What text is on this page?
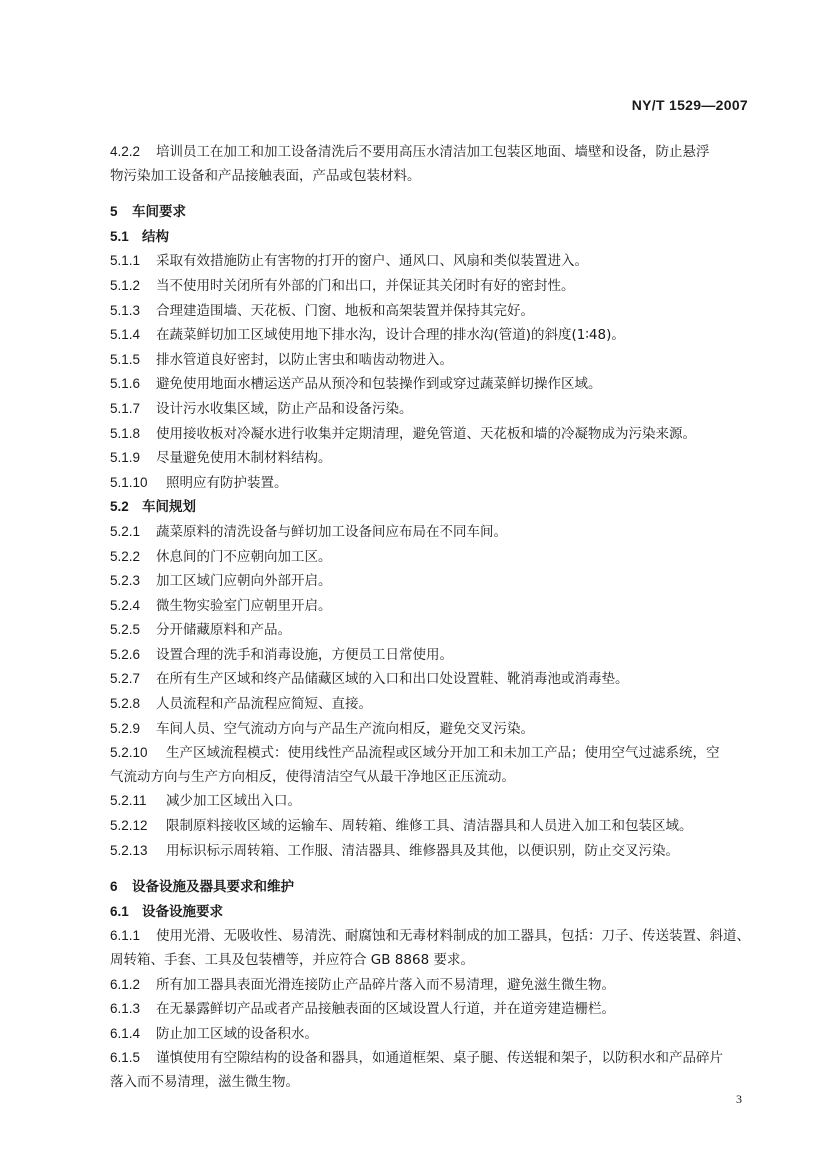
NY/T 1529—2007
4.2.2 培训员工在加工和加工设备清洗后不要用高压水清洁加工包装区地面、墙壁和设备，防止悬浮
物污染加工设备和产品接触表面，产品或包装材料。
5 车间要求
5.1 结构
5.1.1 采取有效措施防止有害物的打开的窗户、通风口、风扇和类似装置进入。
5.1.2 当不使用时关闭所有外部的门和出口，并保证其关闭时有好的密封性。
5.1.3 合理建造围墙、天花板、门窗、地板和高架装置并保持其完好。
5.1.4 在蔬菜鲜切加工区域使用地下排水沟，设计合理的排水沟(管道)的斜度(1∶48)。
5.1.5 排水管道良好密封，以防止害虫和啮齿动物进入。
5.1.6 避免使用地面水槽运送产品从预冷和包装操作到或穿过蔬菜鲜切操作区域。
5.1.7 设计污水收集区域，防止产品和设备污染。
5.1.8 使用接收板对冷凝水进行收集并定期清理，避免管道、天花板和墙的冷凝物成为污染来源。
5.1.9 尽量避免使用木制材料结构。
5.1.10 照明应有防护装置。
5.2 车间规划
5.2.1 蔬菜原料的清洗设备与鲜切加工设备间应布局在不同车间。
5.2.2 休息间的门不应朝向加工区。
5.2.3 加工区域门应朝向外部开启。
5.2.4 微生物实验室门应朝里开启。
5.2.5 分开储藏原料和产品。
5.2.6 设置合理的洗手和消毒设施，方便员工日常使用。
5.2.7 在所有生产区域和终产品储藏区域的入口和出口处设置鞋、靴消毒池或消毒垫。
5.2.8 人员流程和产品流程应简短、直接。
5.2.9 车间人员、空气流动方向与产品生产流向相反，避免交叉污染。
5.2.10 生产区域流程模式：使用线性产品流程或区域分开加工和未加工产品；使用空气过滤系统，空
气流动方向与生产方向相反，使得清洁空气从最干净地区正压流动。
5.2.11 减少加工区域出入口。
5.2.12 限制原料接收区域的运输车、周转箱、维修工具、清洁器具和人员进入加工和包装区域。
5.2.13 用标识标示周转箱、工作服、清洁器具、维修器具及其他，以便识别，防止交叉污染。
6 设备设施及器具要求和维护
6.1 设备设施要求
6.1.1 使用光滑、无吸收性、易清洗、耐腐蚀和无毒材料制成的加工器具，包括：刀子、传送装置、斜道、
周转箱、手套、工具及包装槽等，并应符合 GB 8868 要求。
6.1.2 所有加工器具表面光滑连接防止产品碎片落入而不易清理，避免滋生微生物。
6.1.3 在无暴露鲜切产品或者产品接触表面的区域设置人行道，并在道旁建造栅栏。
6.1.4 防止加工区域的设备积水。
6.1.5 谨慎使用有空隙结构的设备和器具，如通道框架、桌子腿、传送辊和架子，以防积水和产品碎片
落入而不易清理，滋生微生物。
3
